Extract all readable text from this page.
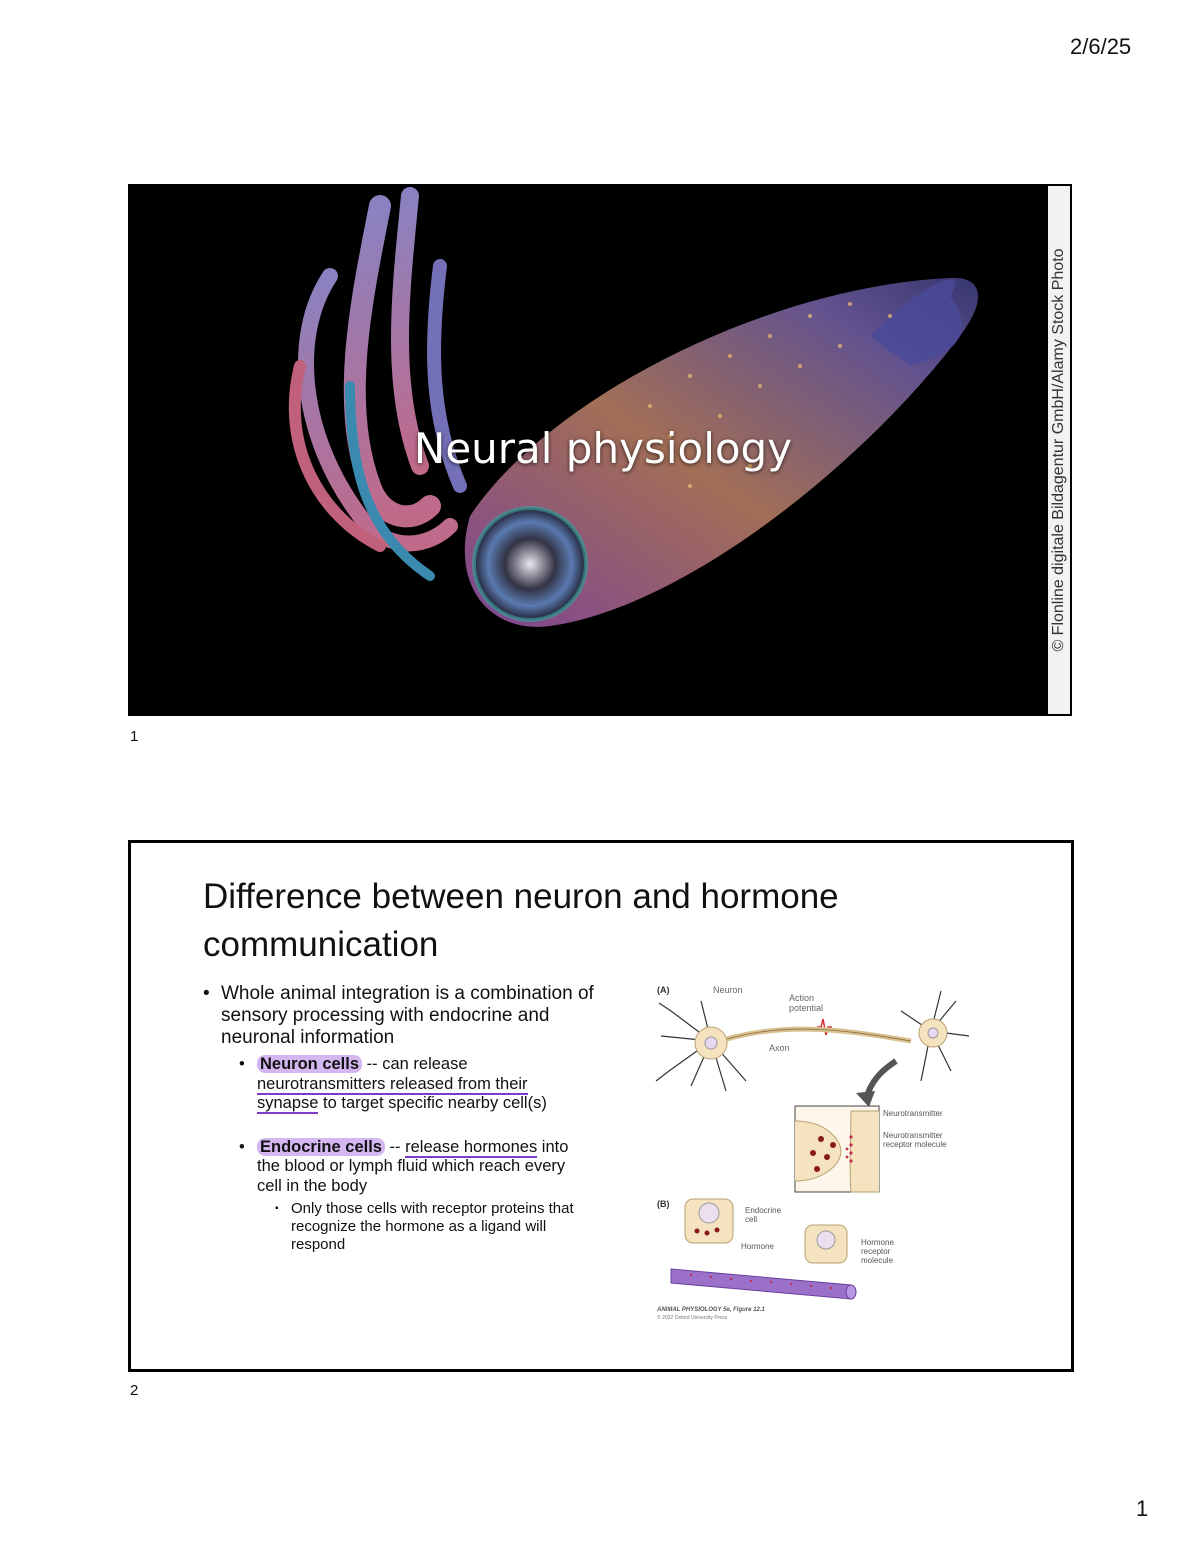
2/6/25
Neural physiology	© Flonline digitale Bildagentur GmbH/Alamy Stock Photo
1
Difference between neuron and hormone communication
• Whole animal integration is a combination of sensory processing with endocrine and neuronal information
• Neuron cells -- can release neurotransmitters released from their synapse to target specific nearby cell(s)
• Endocrine cells -- release hormones into the blood or lymph fluid which reach every cell in the body
▪ Only those cells with receptor proteins that recognize the hormone as a ligand will respond
(A)	Neuron
Action
potential
Axon
Neurotransmitter
Neurotransmitter
receptor molecule
(B)
Endocrine
cell
Hormone	Hormone
receptor
molecule
ANIMAL PHYSIOLOGY 5e, Figure 12.1
© 2022 Oxford University Press
2
1
